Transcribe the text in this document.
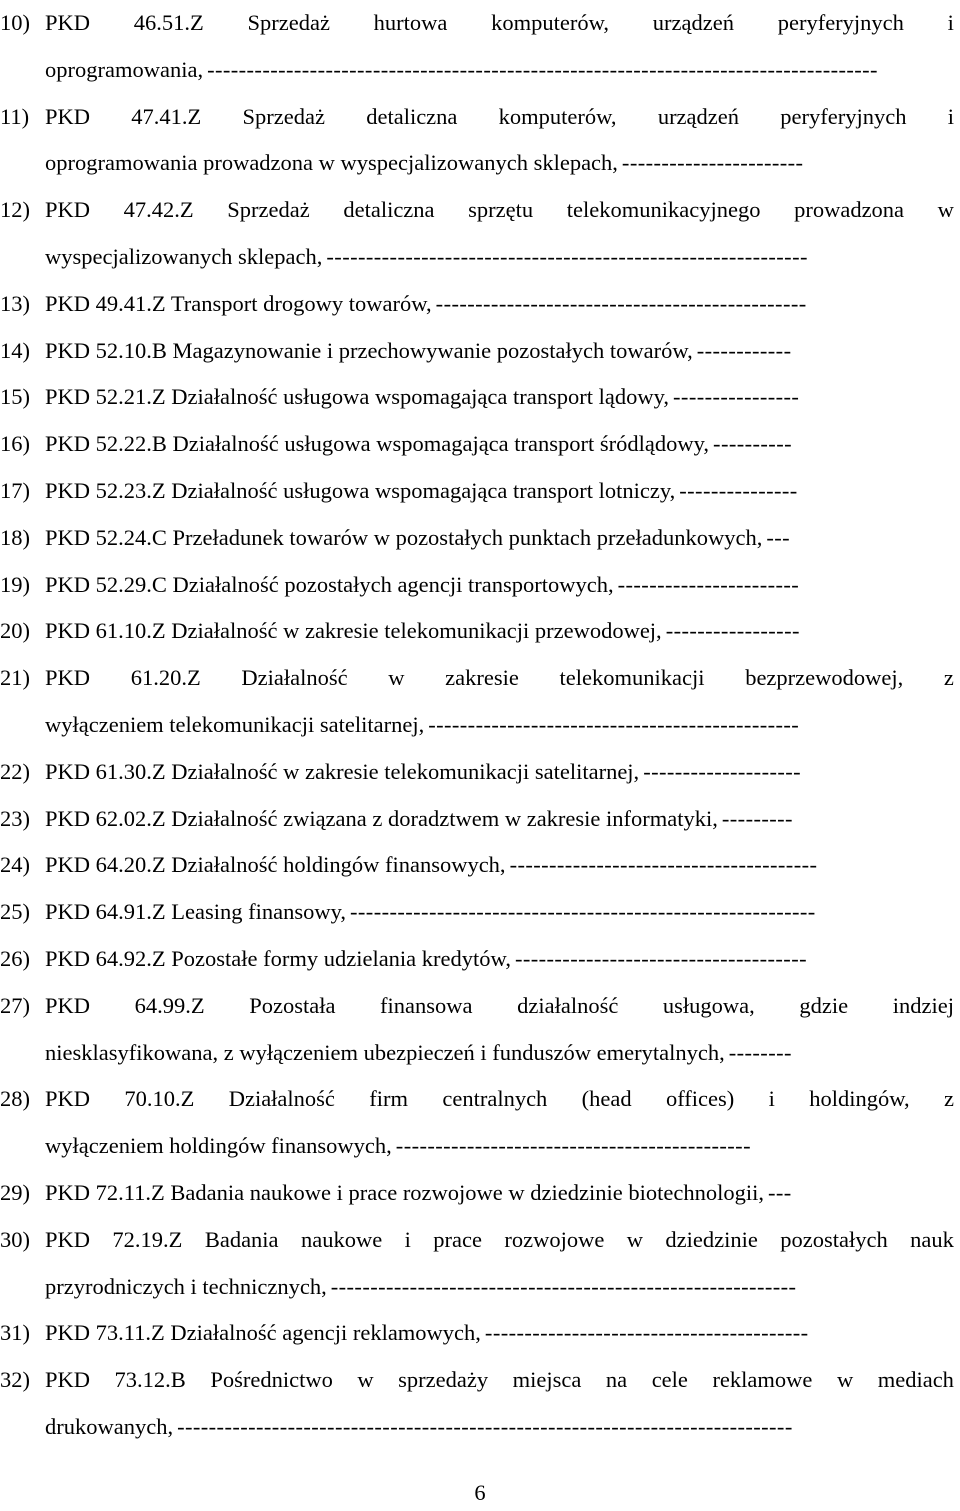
10) PKD 46.51.Z Sprzedaż hurtowa komputerów, urządzeń peryferyjnych i
oprogramowania, -------------------------------------------------------------------------------------
11) PKD 47.41.Z Sprzedaż detaliczna komputerów, urządzeń peryferyjnych i
oprogramowania prowadzona w wyspecjalizowanych sklepach, -----------------------
12) PKD 47.42.Z Sprzedaż detaliczna sprzętu telekomunikacyjnego prowadzona w
wyspecjalizowanych sklepach, -------------------------------------------------------------
13) PKD 49.41.Z Transport drogowy towarów, -----------------------------------------------
14) PKD 52.10.B Magazynowanie i przechowywanie pozostałych towarów, ------------
15) PKD 52.21.Z Działalność usługowa wspomagająca transport lądowy, ----------------
16) PKD 52.22.B Działalność usługowa wspomagająca transport śródlądowy, ----------
17) PKD 52.23.Z Działalność usługowa wspomagająca transport lotniczy, ---------------
18) PKD 52.24.C Przeładunek towarów w pozostałych punktach przeładunkowych, ---
19) PKD 52.29.C Działalność pozostałych agencji transportowych, -----------------------
20) PKD 61.10.Z Działalność w zakresie telekomunikacji przewodowej, -----------------
21) PKD 61.20.Z Działalność w zakresie telekomunikacji bezprzewodowej, z
wyłączeniem telekomunikacji satelitarnej, -----------------------------------------------
22) PKD 61.30.Z Działalność w zakresie telekomunikacji satelitarnej, --------------------
23) PKD 62.02.Z Działalność związana z doradztwem w zakresie informatyki, ---------
24) PKD 64.20.Z Działalność holdingów finansowych, ---------------------------------------
25) PKD 64.91.Z Leasing finansowy, -----------------------------------------------------------
26) PKD 64.92.Z Pozostałe formy udzielania kredytów, -------------------------------------
27) PKD 64.99.Z Pozostała finansowa działalność usługowa, gdzie indziej
niesklasyfikowana, z wyłączeniem ubezpieczeń i funduszów emerytalnych, --------
28) PKD 70.10.Z Działalność firm centralnych (head offices) i holdingów, z
wyłączeniem holdingów finansowych, ---------------------------------------------
29) PKD 72.11.Z Badania naukowe i prace rozwojowe w dziedzinie biotechnologii, ---
30) PKD 72.19.Z Badania naukowe i prace rozwojowe w dziedzinie pozostałych nauk
przyrodniczych i technicznych, -----------------------------------------------------------
31) PKD 73.11.Z Działalność agencji reklamowych, -----------------------------------------
32) PKD 73.12.B Pośrednictwo w sprzedaży miejsca na cele reklamowe w mediach
drukowanych, ------------------------------------------------------------------------------
6
